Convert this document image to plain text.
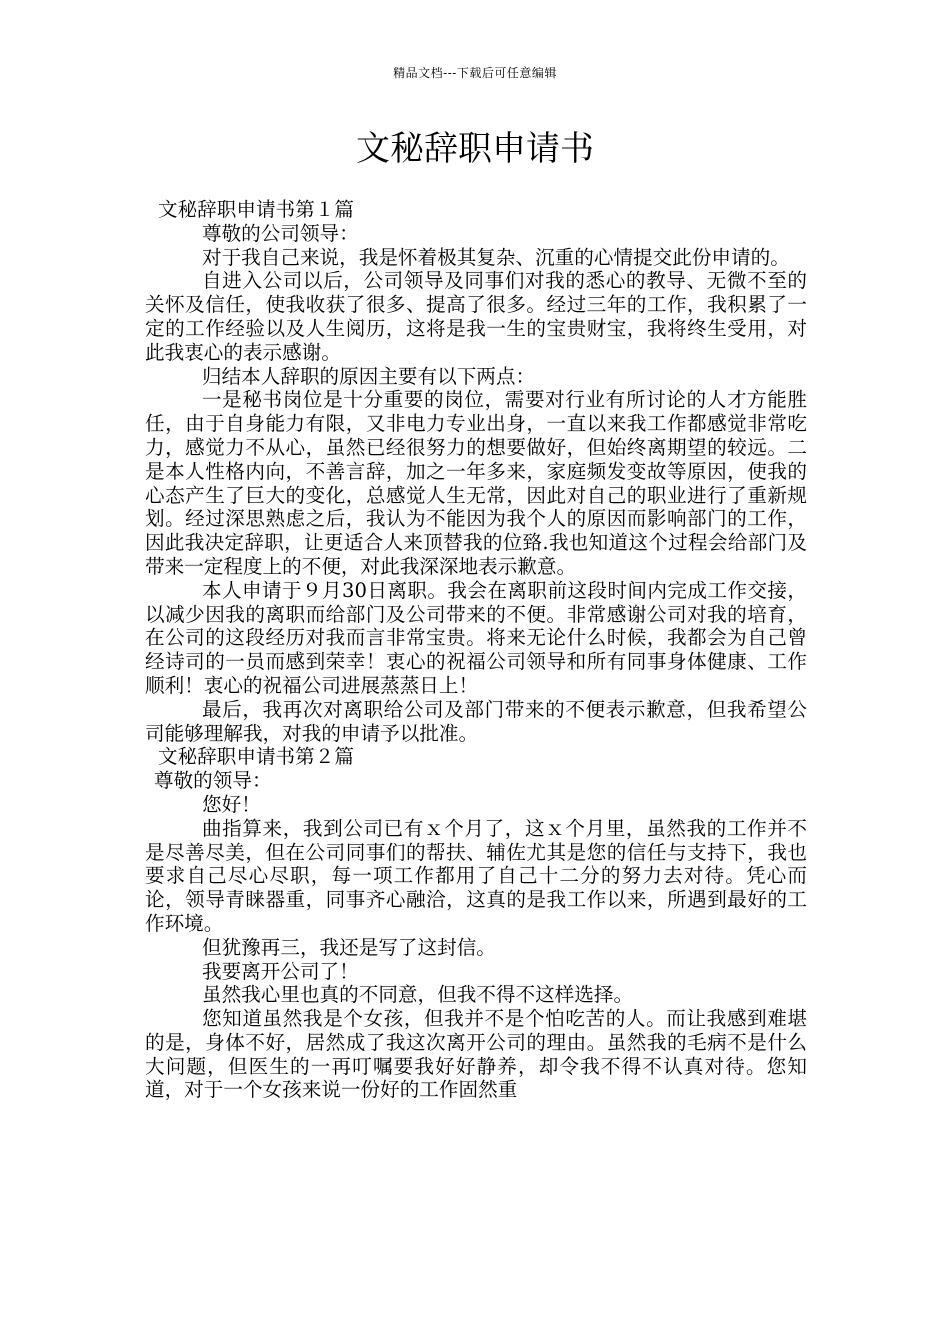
精品文档---下载后可任意编辑
文秘辞职申请书

文秘辞职申请书第１篇

尊敬的公司领导：

对于我自己来说，我是怀着极其复杂、沉重的心情提交此份申请的。

自进入公司以后，公司领导及同事们对我的悉心的教导、无微不至的关怀及信任，使我收获了很多、提高了很多。经过三年的工作，我积累了一定的工作经验以及人生阅历，这将是我一生的宝贵财宝，我将终生受用，对此我衷心的表示感谢。

归结本人辞职的原因主要有以下两点：

一是秘书岗位是十分重要的岗位，需要对行业有所讨论的人才方能胜任，由于自身能力有限，又非电力专业出身，一直以来我工作都感觉非常吃力，感觉力不从心，虽然已经很努力的想要做好，但始终离期望的较远。二是本人性格内向，不善言辞，加之一年多来，家庭频发变故等原因，使我的心态产生了巨大的变化，总感觉人生无常，因此对自己的职业进行了重新规划。经过深思熟虑之后，我认为不能因为我个人的原因而影响部门的工作，因此我决定辞职，让更适合人来顶替我的位臵.我也知道这个过程会给部门及带来一定程度上的不便，对此我深深地表示歉意。

本人申请于９月30日离职。我会在离职前这段时间内完成工作交接，以减少因我的离职而给部门及公司带来的不便。非常感谢公司对我的培育，在公司的这段经历对我而言非常宝贵。将来无论什么时候，我都会为自己曾经诗司的一员而感到荣幸！衷心的祝福公司领导和所有同事身体健康、工作顺利！衷心的祝福公司进展蒸蒸日上！

最后，我再次对离职给公司及部门带来的不便表示歉意，但我希望公司能够理解我，对我的申请予以批准。

文秘辞职申请书第２篇

尊敬的领导：

您好！

曲指算来，我到公司已有ｘ个月了，这ｘ个月里，虽然我的工作并不是尽善尽美，但在公司同事们的帮扶、辅佐尤其是您的信任与支持下，我也要求自己尽心尽职，每一项工作都用了自己十二分的努力去对待。凭心而论，领导青睐器重，同事齐心融洽，这真的是我工作以来，所遇到最好的工作环境。

但犹豫再三，我还是写了这封信。

我要离开公司了！

虽然我心里也真的不同意，但我不得不这样选择。

您知道虽然我是个女孩，但我并不是个怕吃苦的人。而让我感到难堪的是，身体不好，居然成了我这次离开公司的理由。虽然我的毛病不是什么大问题，但医生的一再叮嘱要我好好静养，却令我不得不认真对待。您知道，对于一个女孩来说一份好的工作固然重
